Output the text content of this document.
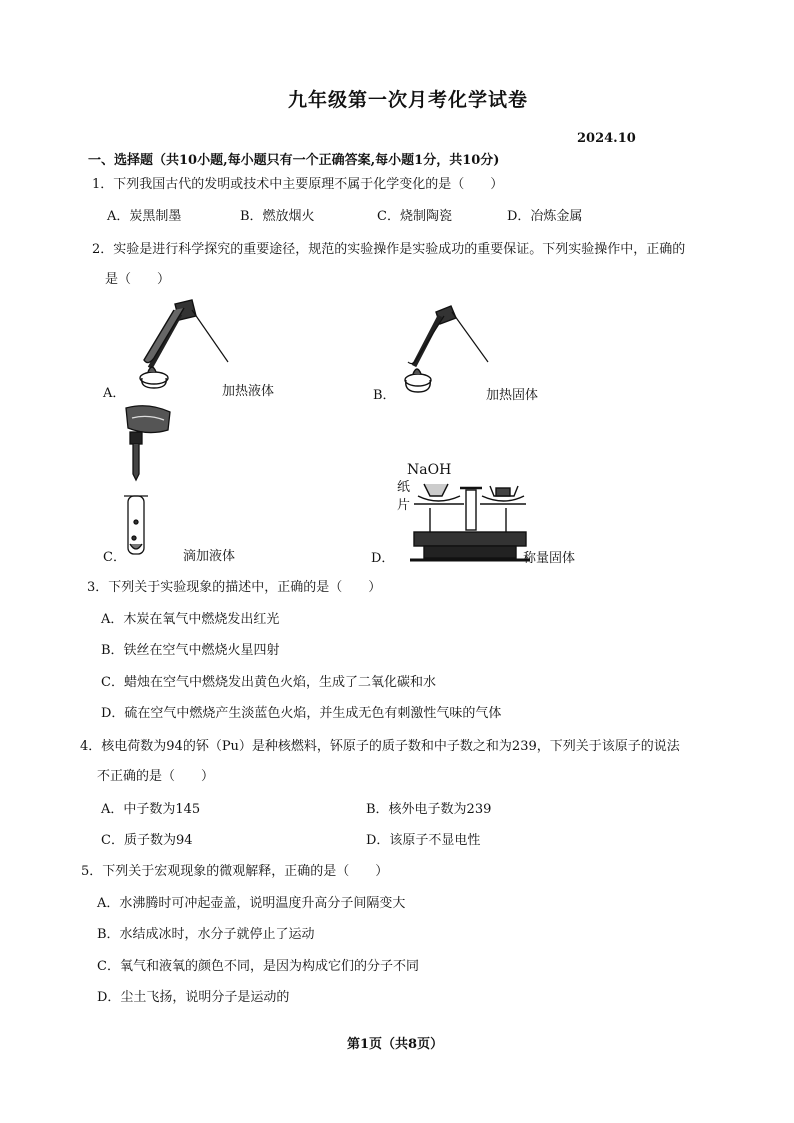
九年级第一次月考化学试卷
2024.10
一、选择题（共10小题,每小题只有一个正确答案,每小题1分，共10分)
1．下列我国古代的发明或技术中主要原理不属于化学变化的是（　　）
A．炭黑制墨	B．燃放烟火	C．烧制陶瓷	D．冶炼金属
2．实验是进行科学探究的重要途径，规范的实验操作是实验成功的重要保证。下列实验操作中，正确的
是（　　）
A．	加热液体	B．	加热固体
C．	滴加液体
NaOH
纸
片
D．	称量固体
3．下列关于实验现象的描述中，正确的是（　　）
A．木炭在氧气中燃烧发出红光
B．铁丝在空气中燃烧火星四射
C．蜡烛在空气中燃烧发出黄色火焰，生成了二氧化碳和水
D．硫在空气中燃烧产生淡蓝色火焰，并生成无色有刺激性气味的气体
4．核电荷数为94的钚（Pu）是种核燃料，钚原子的质子数和中子数之和为239，下列关于该原子的说法
不正确的是（　　）
A．中子数为145	B．核外电子数为239
C．质子数为94	D．该原子不显电性
5．下列关于宏观现象的微观解释，正确的是（　　）
A．水沸腾时可冲起壶盖，说明温度升高分子间隔变大
B．水结成冰时，水分子就停止了运动
C．氧气和液氧的颜色不同，是因为构成它们的分子不同
D．尘土飞扬，说明分子是运动的
第1页（共8页）
